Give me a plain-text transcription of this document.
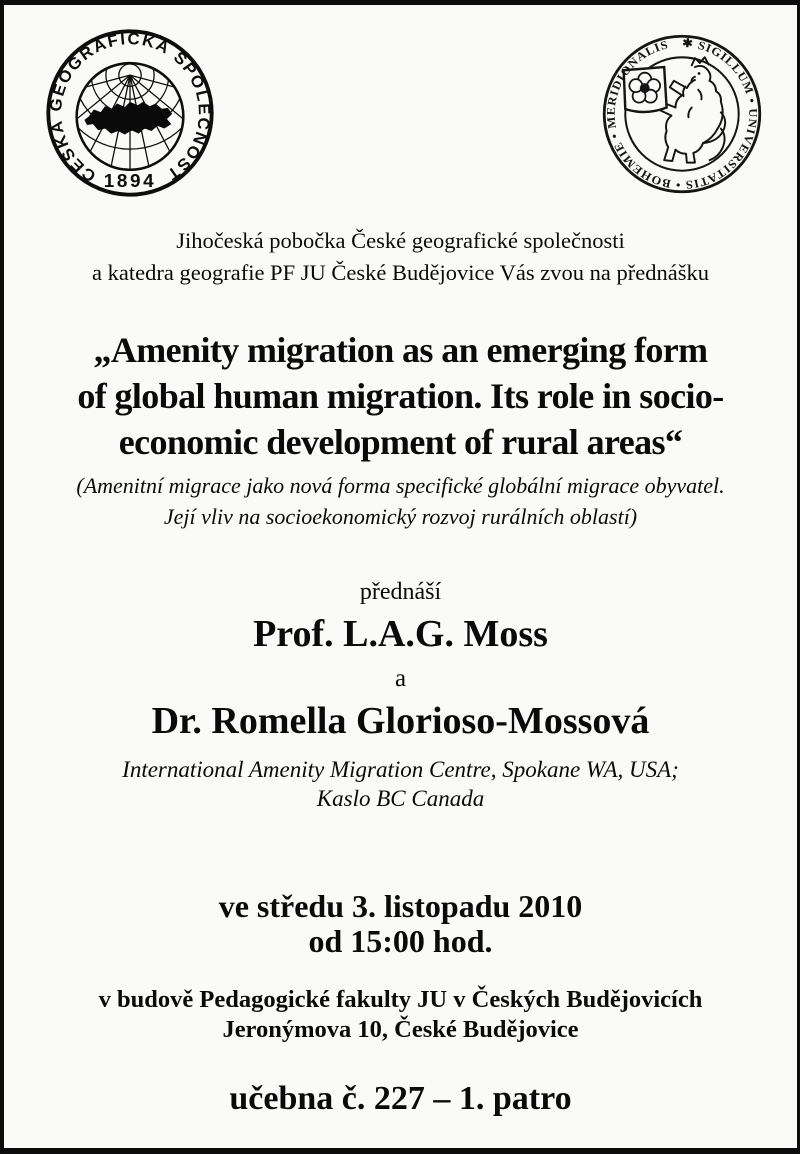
ČESKÁ GEOGRAFICKÁ SPOLEČNOST
1894
✱ SIGILLUM • UNIVERSITATIS • BOHEMIE • MERIDIONALIS
Jihočeská pobočka České geografické společnosti
a katedra geografie PF JU České Budějovice Vás zvou na přednášku
„Amenity migration as an emerging form
of global human migration. Its role in socio-
economic development of rural areas“
(Amenitní migrace jako nová forma specifické globální migrace obyvatel.
Její vliv na socioekonomický rozvoj rurálních oblastí)
přednáší
Prof. L.A.G. Moss
a
Dr. Romella Glorioso-Mossová
International Amenity Migration Centre, Spokane WA, USA;
Kaslo BC Canada
ve středu 3. listopadu 2010
od 15:00 hod.
v budově Pedagogické fakulty JU v Českých Budějovicích
Jeronýmova 10, České Budějovice
učebna č. 227 – 1. patro
